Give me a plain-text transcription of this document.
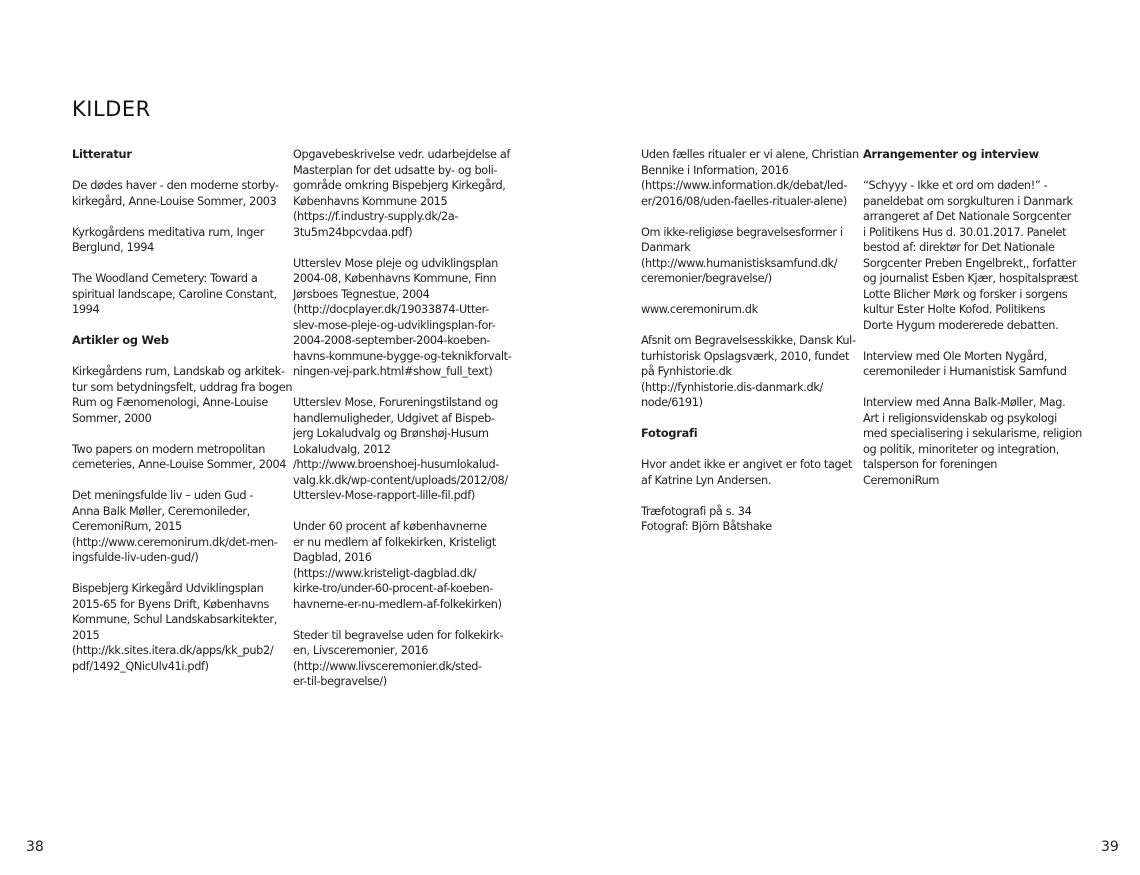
KILDER

Litteratur

De dødes haver - den moderne storby-
kirkegård, Anne-Louise Sommer, 2003

Kyrkogårdens meditativa rum, Inger
Berglund, 1994

The Woodland Cemetery: Toward a
spiritual landscape, Caroline Constant,
1994

Artikler og Web

Kirkegårdens rum, Landskab og arkitek-
tur som betydningsfelt, uddrag fra bogen
Rum og Fænomenologi, Anne-Louise
Sommer, 2000

Two papers on modern metropolitan
cemeteries, Anne-Louise Sommer, 2004

Det meningsfulde liv – uden Gud -
Anna Balk Møller, Ceremonileder,
CeremoniRum, 2015
(http://www.ceremonirum.dk/det-men-
ingsfulde-liv-uden-gud/)

Bispebjerg Kirkegård Udviklingsplan
2015-65 for Byens Drift, Københavns
Kommune, Schul Landskabsarkitekter,
2015
(http://kk.sites.itera.dk/apps/kk_pub2/
pdf/1492_QNicUlv41i.pdf)

Opgavebeskrivelse vedr. udarbejdelse af
Masterplan for det udsatte by- og boli-
gområde omkring Bispebjerg Kirkegård,
Københavns Kommune 2015
(https://f.industry-supply.dk/2a-
3tu5m24bpcvdaa.pdf)

Utterslev Mose pleje og udviklingsplan
2004-08, Københavns Kommune, Finn
Jørsboes Tegnestue, 2004
(http://docplayer.dk/19033874-Utter-
slev-mose-pleje-og-udviklingsplan-for-
2004-2008-september-2004-koeben-
havns-kommune-bygge-og-teknikforvalt-
ningen-vej-park.html#show_full_text)

Utterslev Mose, Forureningstilstand og
handlemuligheder, Udgivet af Bispeb-
jerg Lokaludvalg og Brønshøj-Husum
Lokaludvalg, 2012
/http://www.broenshoej-husumlokalud-
valg.kk.dk/wp-content/uploads/2012/08/
Utterslev-Mose-rapport-lille-fil.pdf)

Under 60 procent af københavnerne
er nu medlem af folkekirken, Kristeligt
Dagblad, 2016
(https://www.kristeligt-dagblad.dk/
kirke-tro/under-60-procent-af-koeben-
havnerne-er-nu-medlem-af-folkekirken)

Steder til begravelse uden for folkekirk-
en, Livsceremonier, 2016
(http://www.livsceremonier.dk/sted-
er-til-begravelse/)

Uden fælles ritualer er vi alene, Christian
Bennike i Information, 2016
(https://www.information.dk/debat/led-
er/2016/08/uden-faelles-ritualer-alene)

Om ikke-religiøse begravelsesformer i
Danmark
(http://www.humanistisksamfund.dk/
ceremonier/begravelse/)

www.ceremonirum.dk

Afsnit om Begravelsesskikke, Dansk Kul-
turhistorisk Opslagsværk, 2010, fundet
på Fynhistorie.dk
(http://fynhistorie.dis-danmark.dk/
node/6191)

Fotografi

Hvor andet ikke er angivet er foto taget
af Katrine Lyn Andersen.

Træfotografi på s. 34
Fotograf: Björn Båtshake

Arrangementer og interview

“Schyyy - Ikke et ord om døden!” -
paneldebat om sorgkulturen i Danmark
arrangeret af Det Nationale Sorgcenter
i Politikens Hus d. 30.01.2017. Panelet
bestod af: direktør for Det Nationale
Sorgcenter Preben Engelbrekt,, forfatter
og journalist Esben Kjær, hospitalspræst
Lotte Blicher Mørk og forsker i sorgens
kultur Ester Holte Kofod. Politikens
Dorte Hygum modererede debatten.

Interview med Ole Morten Nygård,
ceremonileder i Humanistisk Samfund

Interview med Anna Balk-Møller, Mag.
Art i religionsvidenskab og psykologi
med specialisering i sekularisme, religion
og politik, minoriteter og integration,
talsperson for foreningen
CeremoniRum

38	39
